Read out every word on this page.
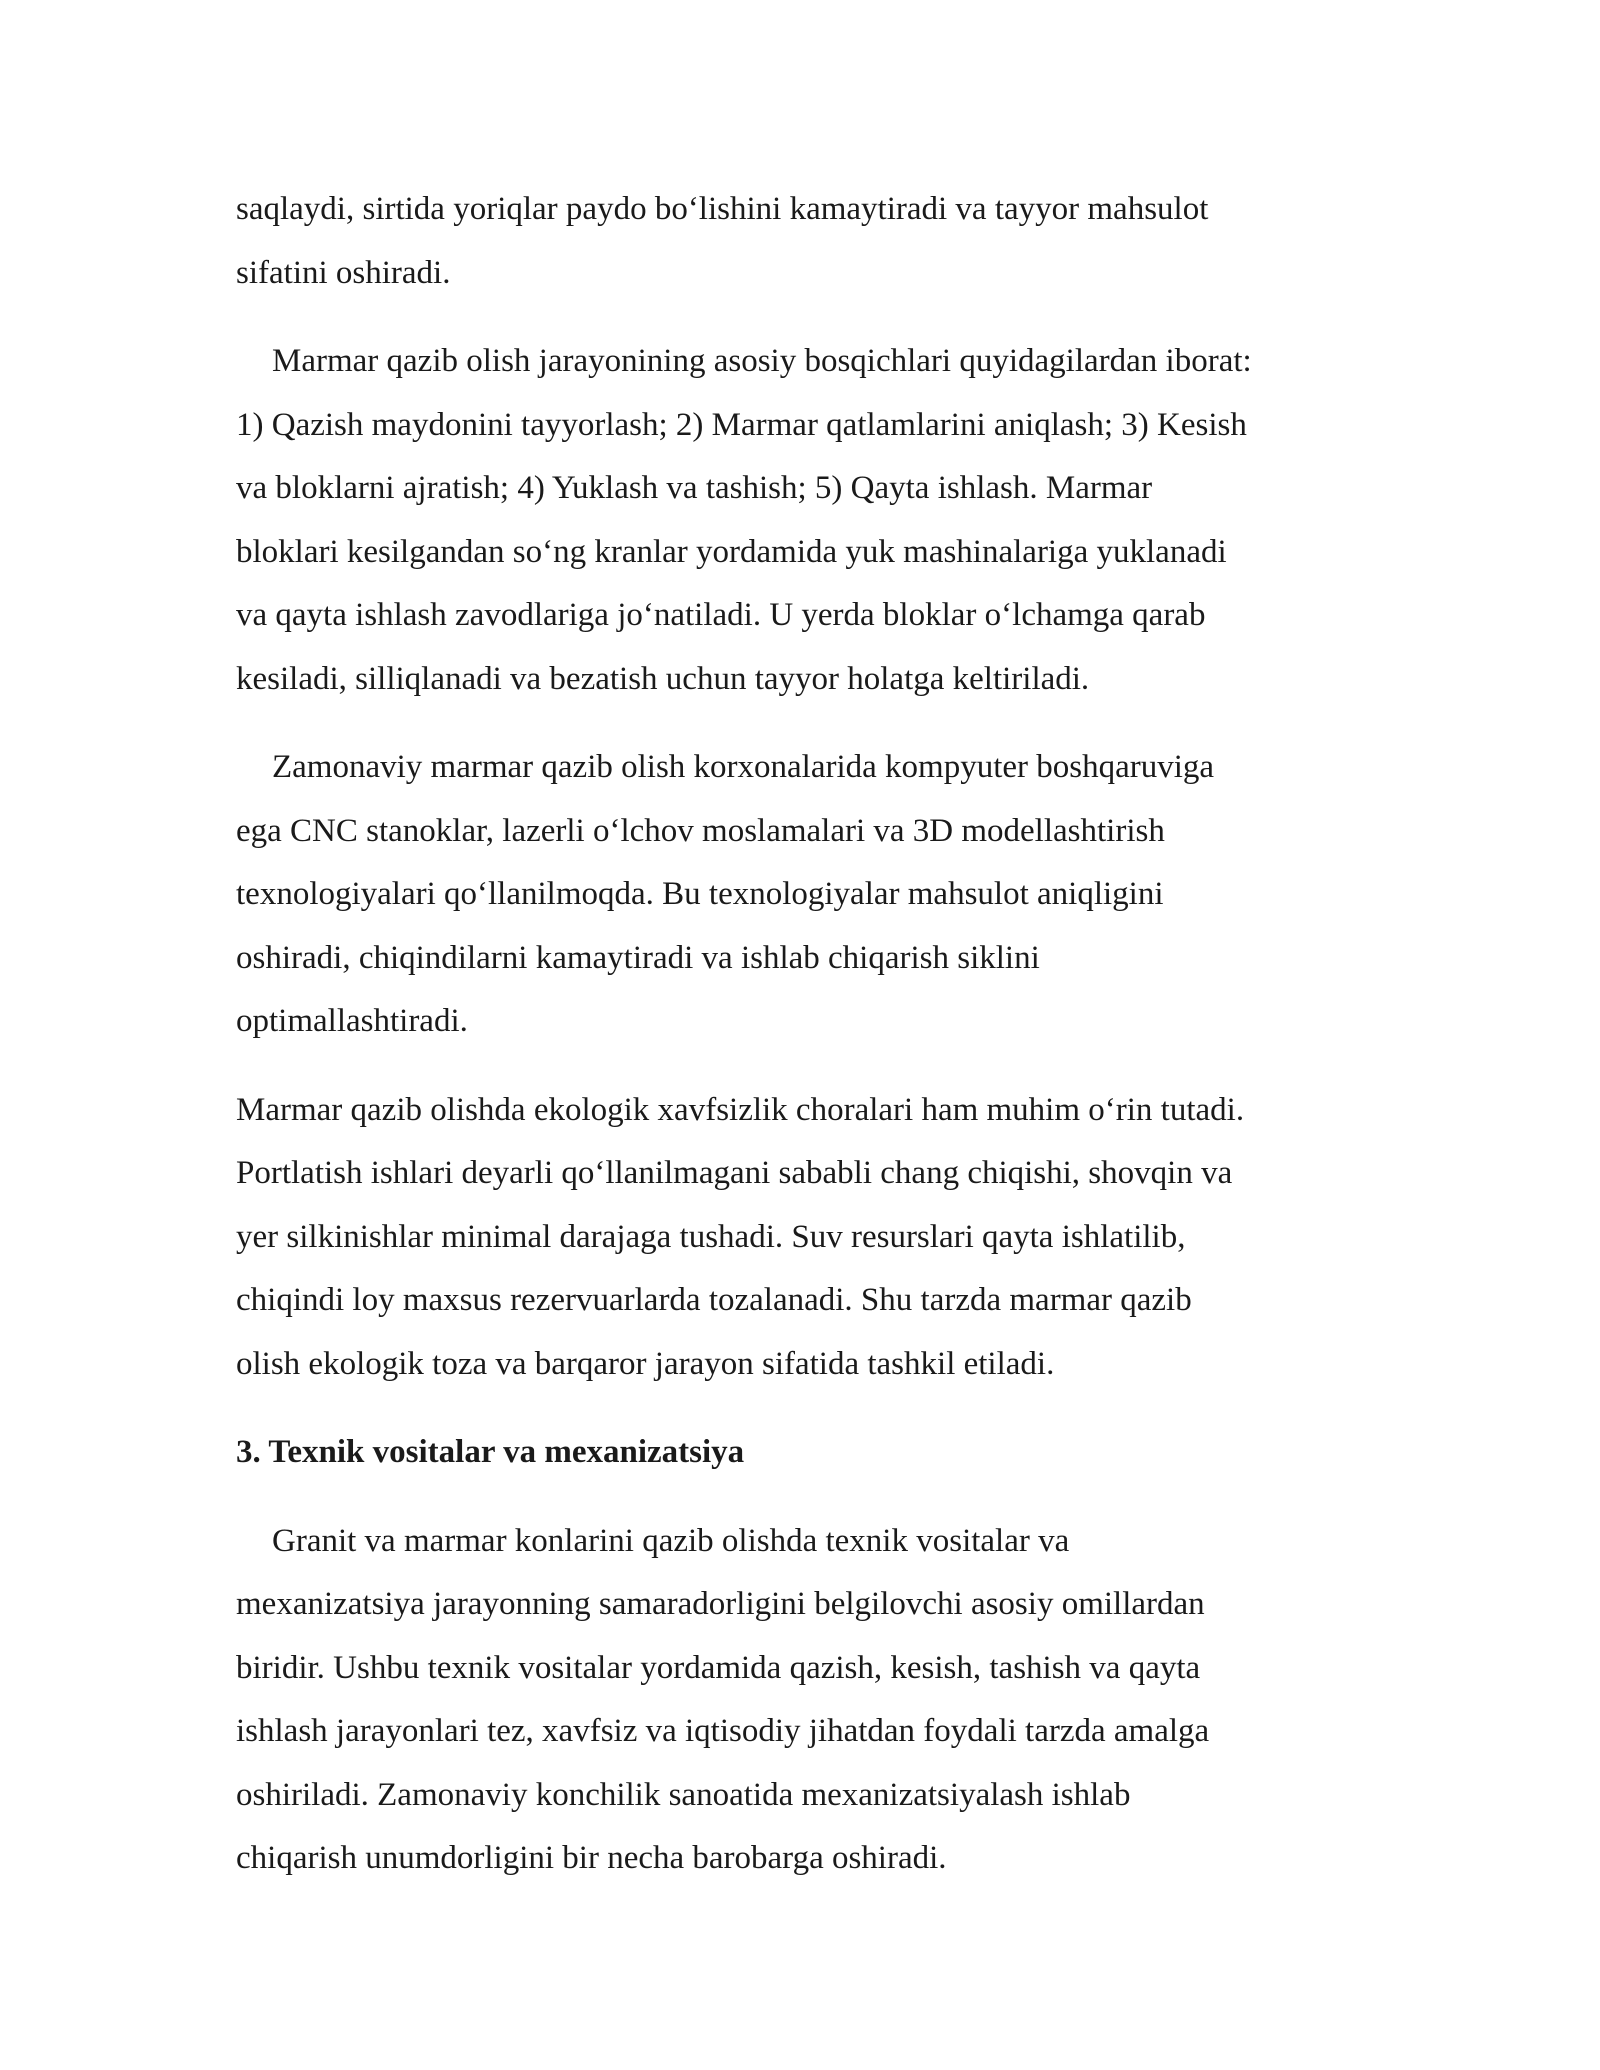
saqlaydi, sirtida yoriqlar paydo bo‘lishini kamaytiradi va tayyor mahsulot
sifatini oshiradi.
Marmar qazib olish jarayonining asosiy bosqichlari quyidagilardan iborat:
1) Qazish maydonini tayyorlash; 2) Marmar qatlamlarini aniqlash; 3) Kesish
va bloklarni ajratish; 4) Yuklash va tashish; 5) Qayta ishlash. Marmar
bloklari kesilgandan so‘ng kranlar yordamida yuk mashinalariga yuklanadi
va qayta ishlash zavodlariga jo‘natiladi. U yerda bloklar o‘lchamga qarab
kesiladi, silliqlanadi va bezatish uchun tayyor holatga keltiriladi.
Zamonaviy marmar qazib olish korxonalarida kompyuter boshqaruviga
ega CNC stanoklar, lazerli o‘lchov moslamalari va 3D modellashtirish
texnologiyalari qo‘llanilmoqda. Bu texnologiyalar mahsulot aniqligini
oshiradi, chiqindilarni kamaytiradi va ishlab chiqarish siklini
optimallashtiradi.
Marmar qazib olishda ekologik xavfsizlik choralari ham muhim o‘rin tutadi.
Portlatish ishlari deyarli qo‘llanilmagani sababli chang chiqishi, shovqin va
yer silkinishlar minimal darajaga tushadi. Suv resurslari qayta ishlatilib,
chiqindi loy maxsus rezervuarlarda tozalanadi. Shu tarzda marmar qazib
olish ekologik toza va barqaror jarayon sifatida tashkil etiladi.
3. Texnik vositalar va mexanizatsiya
Granit va marmar konlarini qazib olishda texnik vositalar va
mexanizatsiya jarayonning samaradorligini belgilovchi asosiy omillardan
biridir. Ushbu texnik vositalar yordamida qazish, kesish, tashish va qayta
ishlash jarayonlari tez, xavfsiz va iqtisodiy jihatdan foydali tarzda amalga
oshiriladi. Zamonaviy konchilik sanoatida mexanizatsiyalash ishlab
chiqarish unumdorligini bir necha barobarga oshiradi.
